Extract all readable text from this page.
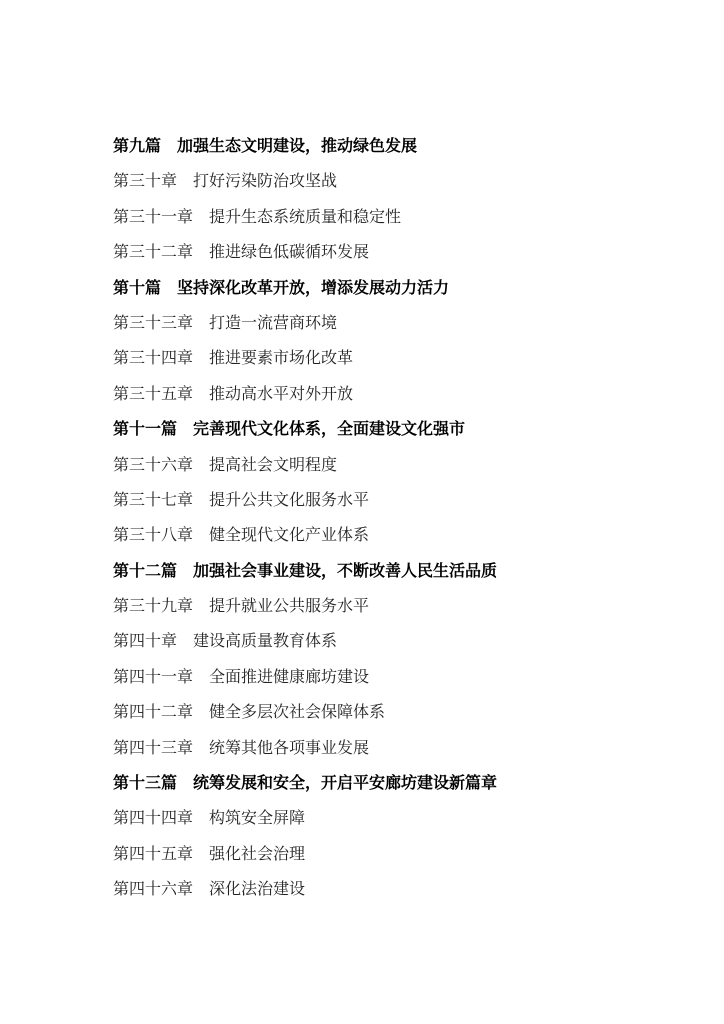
第九篇 加强生态文明建设，推动绿色发展
第三十章 打好污染防治攻坚战
第三十一章 提升生态系统质量和稳定性
第三十二章 推进绿色低碳循环发展
第十篇 坚持深化改革开放，增添发展动力活力
第三十三章 打造一流营商环境
第三十四章 推进要素市场化改革
第三十五章 推动高水平对外开放
第十一篇 完善现代文化体系，全面建设文化强市
第三十六章 提高社会文明程度
第三十七章 提升公共文化服务水平
第三十八章 健全现代文化产业体系
第十二篇 加强社会事业建设，不断改善人民生活品质
第三十九章 提升就业公共服务水平
第四十章 建设高质量教育体系
第四十一章 全面推进健康廊坊建设
第四十二章 健全多层次社会保障体系
第四十三章 统筹其他各项事业发展
第十三篇 统筹发展和安全，开启平安廊坊建设新篇章
第四十四章 构筑安全屏障
第四十五章 强化社会治理
第四十六章 深化法治建设
